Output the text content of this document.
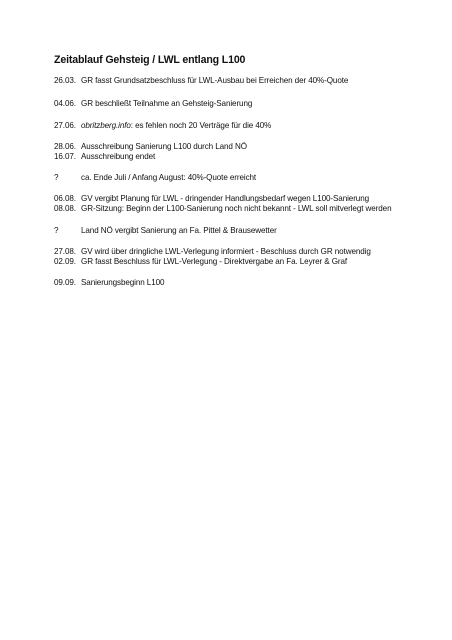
Zeitablauf Gehsteig / LWL entlang L100
26.03. GR fasst Grundsatzbeschluss für LWL-Ausbau bei Erreichen der 40%-Quote
04.06. GR beschließt Teilnahme an Gehsteig-Sanierung
27.06. obritzberg.info: es fehlen noch 20 Verträge für die 40%
28.06. Ausschreibung Sanierung L100 durch Land NÖ
16.07. Ausschreibung endet
?	ca. Ende Juli / Anfang August: 40%-Quote erreicht
06.08. GV vergibt Planung für LWL - dringender Handlungsbedarf wegen L100-Sanierung
08.08. GR-Sitzung: Beginn der L100-Sanierung noch nicht bekannt - LWL soll mitverlegt werden
?	Land NÖ vergibt Sanierung an Fa. Pittel & Brausewetter
27.08. GV wird über dringliche LWL-Verlegung informiert - Beschluss durch GR notwendig
02.09. GR fasst Beschluss für LWL-Verlegung - Direktvergabe an Fa. Leyrer & Graf
09.09. Sanierungsbeginn L100
